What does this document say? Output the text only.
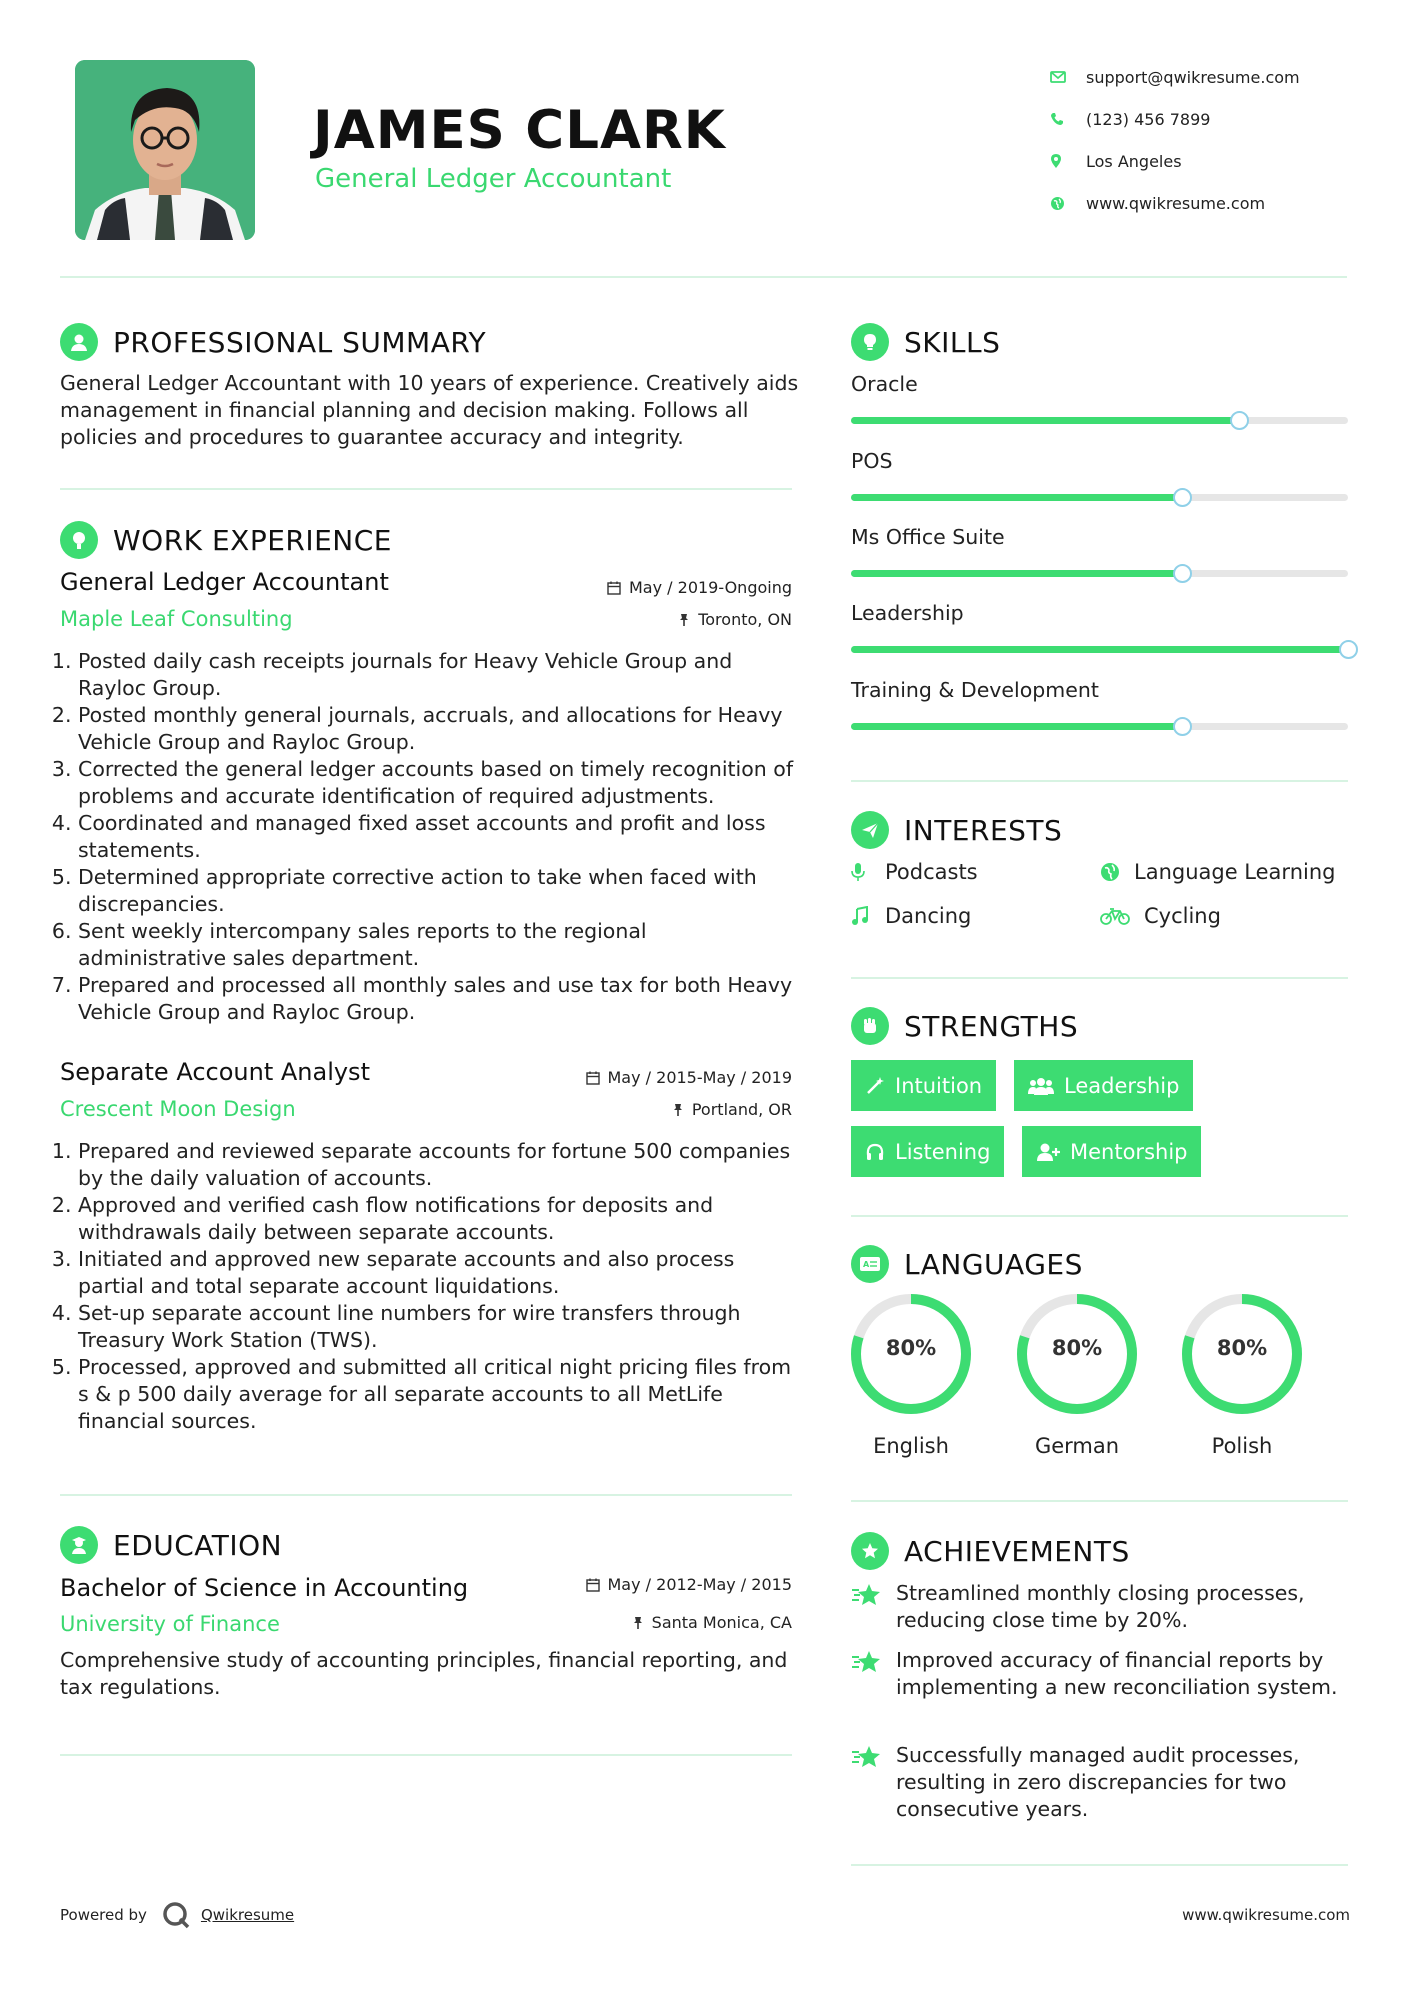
JAMES CLARK
General Ledger Accountant
support@qwikresume.com
(123) 456 7899
Los Angeles
www.qwikresume.com
PROFESSIONAL SUMMARY
General Ledger Accountant with 10 years of experience. Creatively aids management in financial planning and decision making. Follows all policies and procedures to guarantee accuracy and integrity.
WORK EXPERIENCE
General Ledger Accountant	May / 2019-Ongoing
Maple Leaf Consulting	Toronto, ON
1. Posted daily cash receipts journals for Heavy Vehicle Group and Rayloc Group.
2. Posted monthly general journals, accruals, and allocations for Heavy Vehicle Group and Rayloc Group.
3. Corrected the general ledger accounts based on timely recognition of problems and accurate identification of required adjustments.
4. Coordinated and managed fixed asset accounts and profit and loss statements.
5. Determined appropriate corrective action to take when faced with discrepancies.
6. Sent weekly intercompany sales reports to the regional administrative sales department.
7. Prepared and processed all monthly sales and use tax for both Heavy Vehicle Group and Rayloc Group.
Separate Account Analyst	May / 2015-May / 2019
Crescent Moon Design	Portland, OR
1. Prepared and reviewed separate accounts for fortune 500 companies by the daily valuation of accounts.
2. Approved and verified cash flow notifications for deposits and withdrawals daily between separate accounts.
3. Initiated and approved new separate accounts and also process partial and total separate account liquidations.
4. Set-up separate account line numbers for wire transfers through Treasury Work Station (TWS).
5. Processed, approved and submitted all critical night pricing files from s & p 500 daily average for all separate accounts to all MetLife financial sources.
EDUCATION
Bachelor of Science in Accounting	May / 2012-May / 2015
University of Finance	Santa Monica, CA
Comprehensive study of accounting principles, financial reporting, and tax regulations.
SKILLS
Oracle
POS
Ms Office Suite
Leadership
Training & Development
INTERESTS
Podcasts	Language Learning
Dancing	Cycling
STRENGTHS
Intuition	Leadership
Listening	Mentorship
A LANGUAGES
80%
English
80%
German
80%
Polish
ACHIEVEMENTS
Streamlined monthly closing processes, reducing close time by 20%.
Improved accuracy of financial reports by implementing a new reconciliation system.
Successfully managed audit processes, resulting in zero discrepancies for two consecutive years.
Powered by	Qwikresume	www.qwikresume.com
